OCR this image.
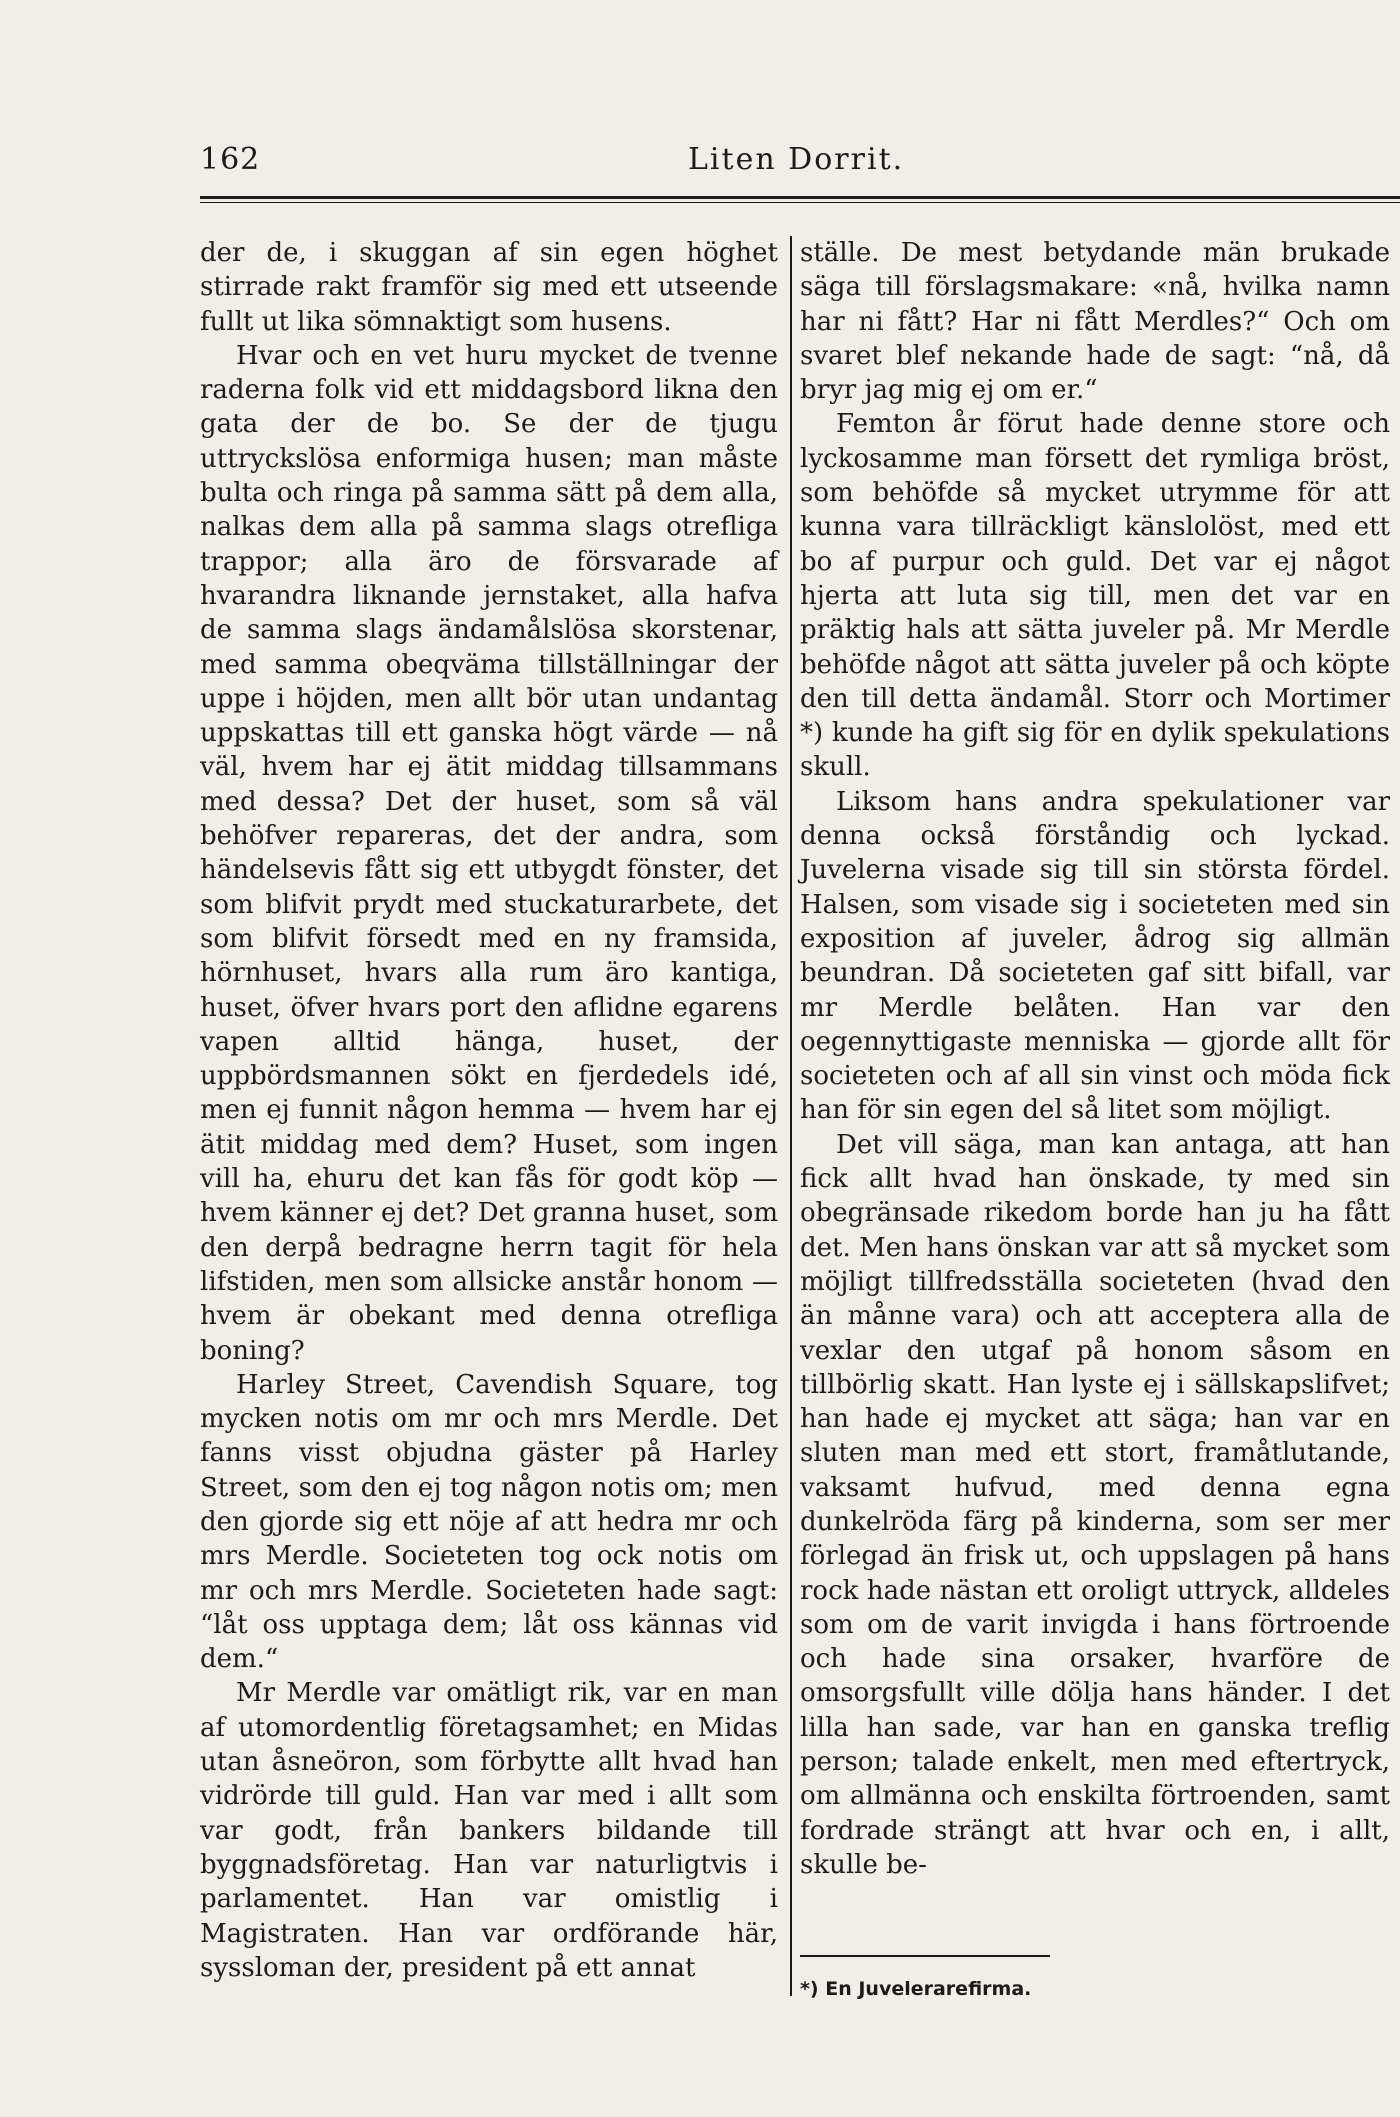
162	Liten Dorrit.

der de, i skuggan af sin egen höghet stirrade rakt framför sig med ett utseende fullt ut lika sömnaktigt som husens.

Hvar och en vet huru mycket de tvenne raderna folk vid ett middagsbord likna den gata der de bo. Se der de tjugu uttryckslösa enformiga husen; man måste bulta och ringa på samma sätt på dem alla, nalkas dem alla på samma slags otrefliga trappor; alla äro de försvarade af hvarandra liknande jernstaket, alla hafva de samma slags ändamålslösa skorstenar, med samma obeqväma tillställningar der uppe i höjden, men allt bör utan undantag uppskattas till ett ganska högt värde — nå väl, hvem har ej ätit middag tillsammans med dessa? Det der huset, som så väl behöfver repareras, det der andra, som händelsevis fått sig ett utbygdt fönster, det som blifvit prydt med stuckaturarbete, det som blifvit försedt med en ny framsida, hörnhuset, hvars alla rum äro kantiga, huset, öfver hvars port den aflidne egarens vapen alltid hänga, huset, der uppbördsmannen sökt en fjerdedels idé, men ej funnit någon hemma — hvem har ej ätit middag med dem? Huset, som ingen vill ha, ehuru det kan fås för godt köp — hvem känner ej det? Det granna huset, som den derpå bedragne herrn tagit för hela lifstiden, men som allsicke anstår honom — hvem är obekant med denna otrefliga boning?

Harley Street, Cavendish Square, tog mycken notis om mr och mrs Merdle. Det fanns visst objudna gäster på Harley Street, som den ej tog någon notis om; men den gjorde sig ett nöje af att hedra mr och mrs Merdle. Societeten tog ock notis om mr och mrs Merdle. Societeten hade sagt: “låt oss upptaga dem; låt oss kännas vid dem.“

Mr Merdle var omätligt rik, var en man af utomordentlig företagsamhet; en Midas utan åsneöron, som förbytte allt hvad han vidrörde till guld. Han var med i allt som var godt, från bankers bildande till byggnadsföretag. Han var naturligtvis i parlamentet. Han var omistlig i Magistraten. Han var ordförande här, syssloman der, president på ett annat

ställe. De mest betydande män brukade säga till förslagsmakare: «nå, hvilka namn har ni fått? Har ni fått Merdles?“ Och om svaret blef nekande hade de sagt: “nå, då bryr jag mig ej om er.“

Femton år förut hade denne store och lyckosamme man försett det rymliga bröst, som behöfde så mycket utrymme för att kunna vara tillräckligt känslolöst, med ett bo af purpur och guld. Det var ej något hjerta att luta sig till, men det var en präktig hals att sätta juveler på. Mr Merdle behöfde något att sätta juveler på och köpte den till detta ändamål. Storr och Mortimer *) kunde ha gift sig för en dylik spekulations skull.

Liksom hans andra spekulationer var denna också förståndig och lyckad. Juvelerna visade sig till sin största fördel. Halsen, som visade sig i societeten med sin exposition af juveler, ådrog sig allmän beundran. Då societeten gaf sitt bifall, var mr Merdle belåten. Han var den oegennyttigaste menniska — gjorde allt för societeten och af all sin vinst och möda fick han för sin egen del så litet som möjligt.

Det vill säga, man kan antaga, att han fick allt hvad han önskade, ty med sin obegränsade rikedom borde han ju ha fått det. Men hans önskan var att så mycket som möjligt tillfredsställa societeten (hvad den än månne vara) och att acceptera alla de vexlar den utgaf på honom såsom en tillbörlig skatt. Han lyste ej i sällskapslifvet; han hade ej mycket att säga; han var en sluten man med ett stort, framåtlutande, vaksamt hufvud, med denna egna dunkelröda färg på kinderna, som ser mer förlegad än frisk ut, och uppslagen på hans rock hade nästan ett oroligt uttryck, alldeles som om de varit invigda i hans förtroende och hade sina orsaker, hvarföre de omsorgsfullt ville dölja hans händer. I det lilla han sade, var han en ganska treflig person; talade enkelt, men med eftertryck, om allmänna och enskilta förtroenden, samt fordrade strängt att hvar och en, i allt, skulle be-

*) En Juvelerarefirma.
